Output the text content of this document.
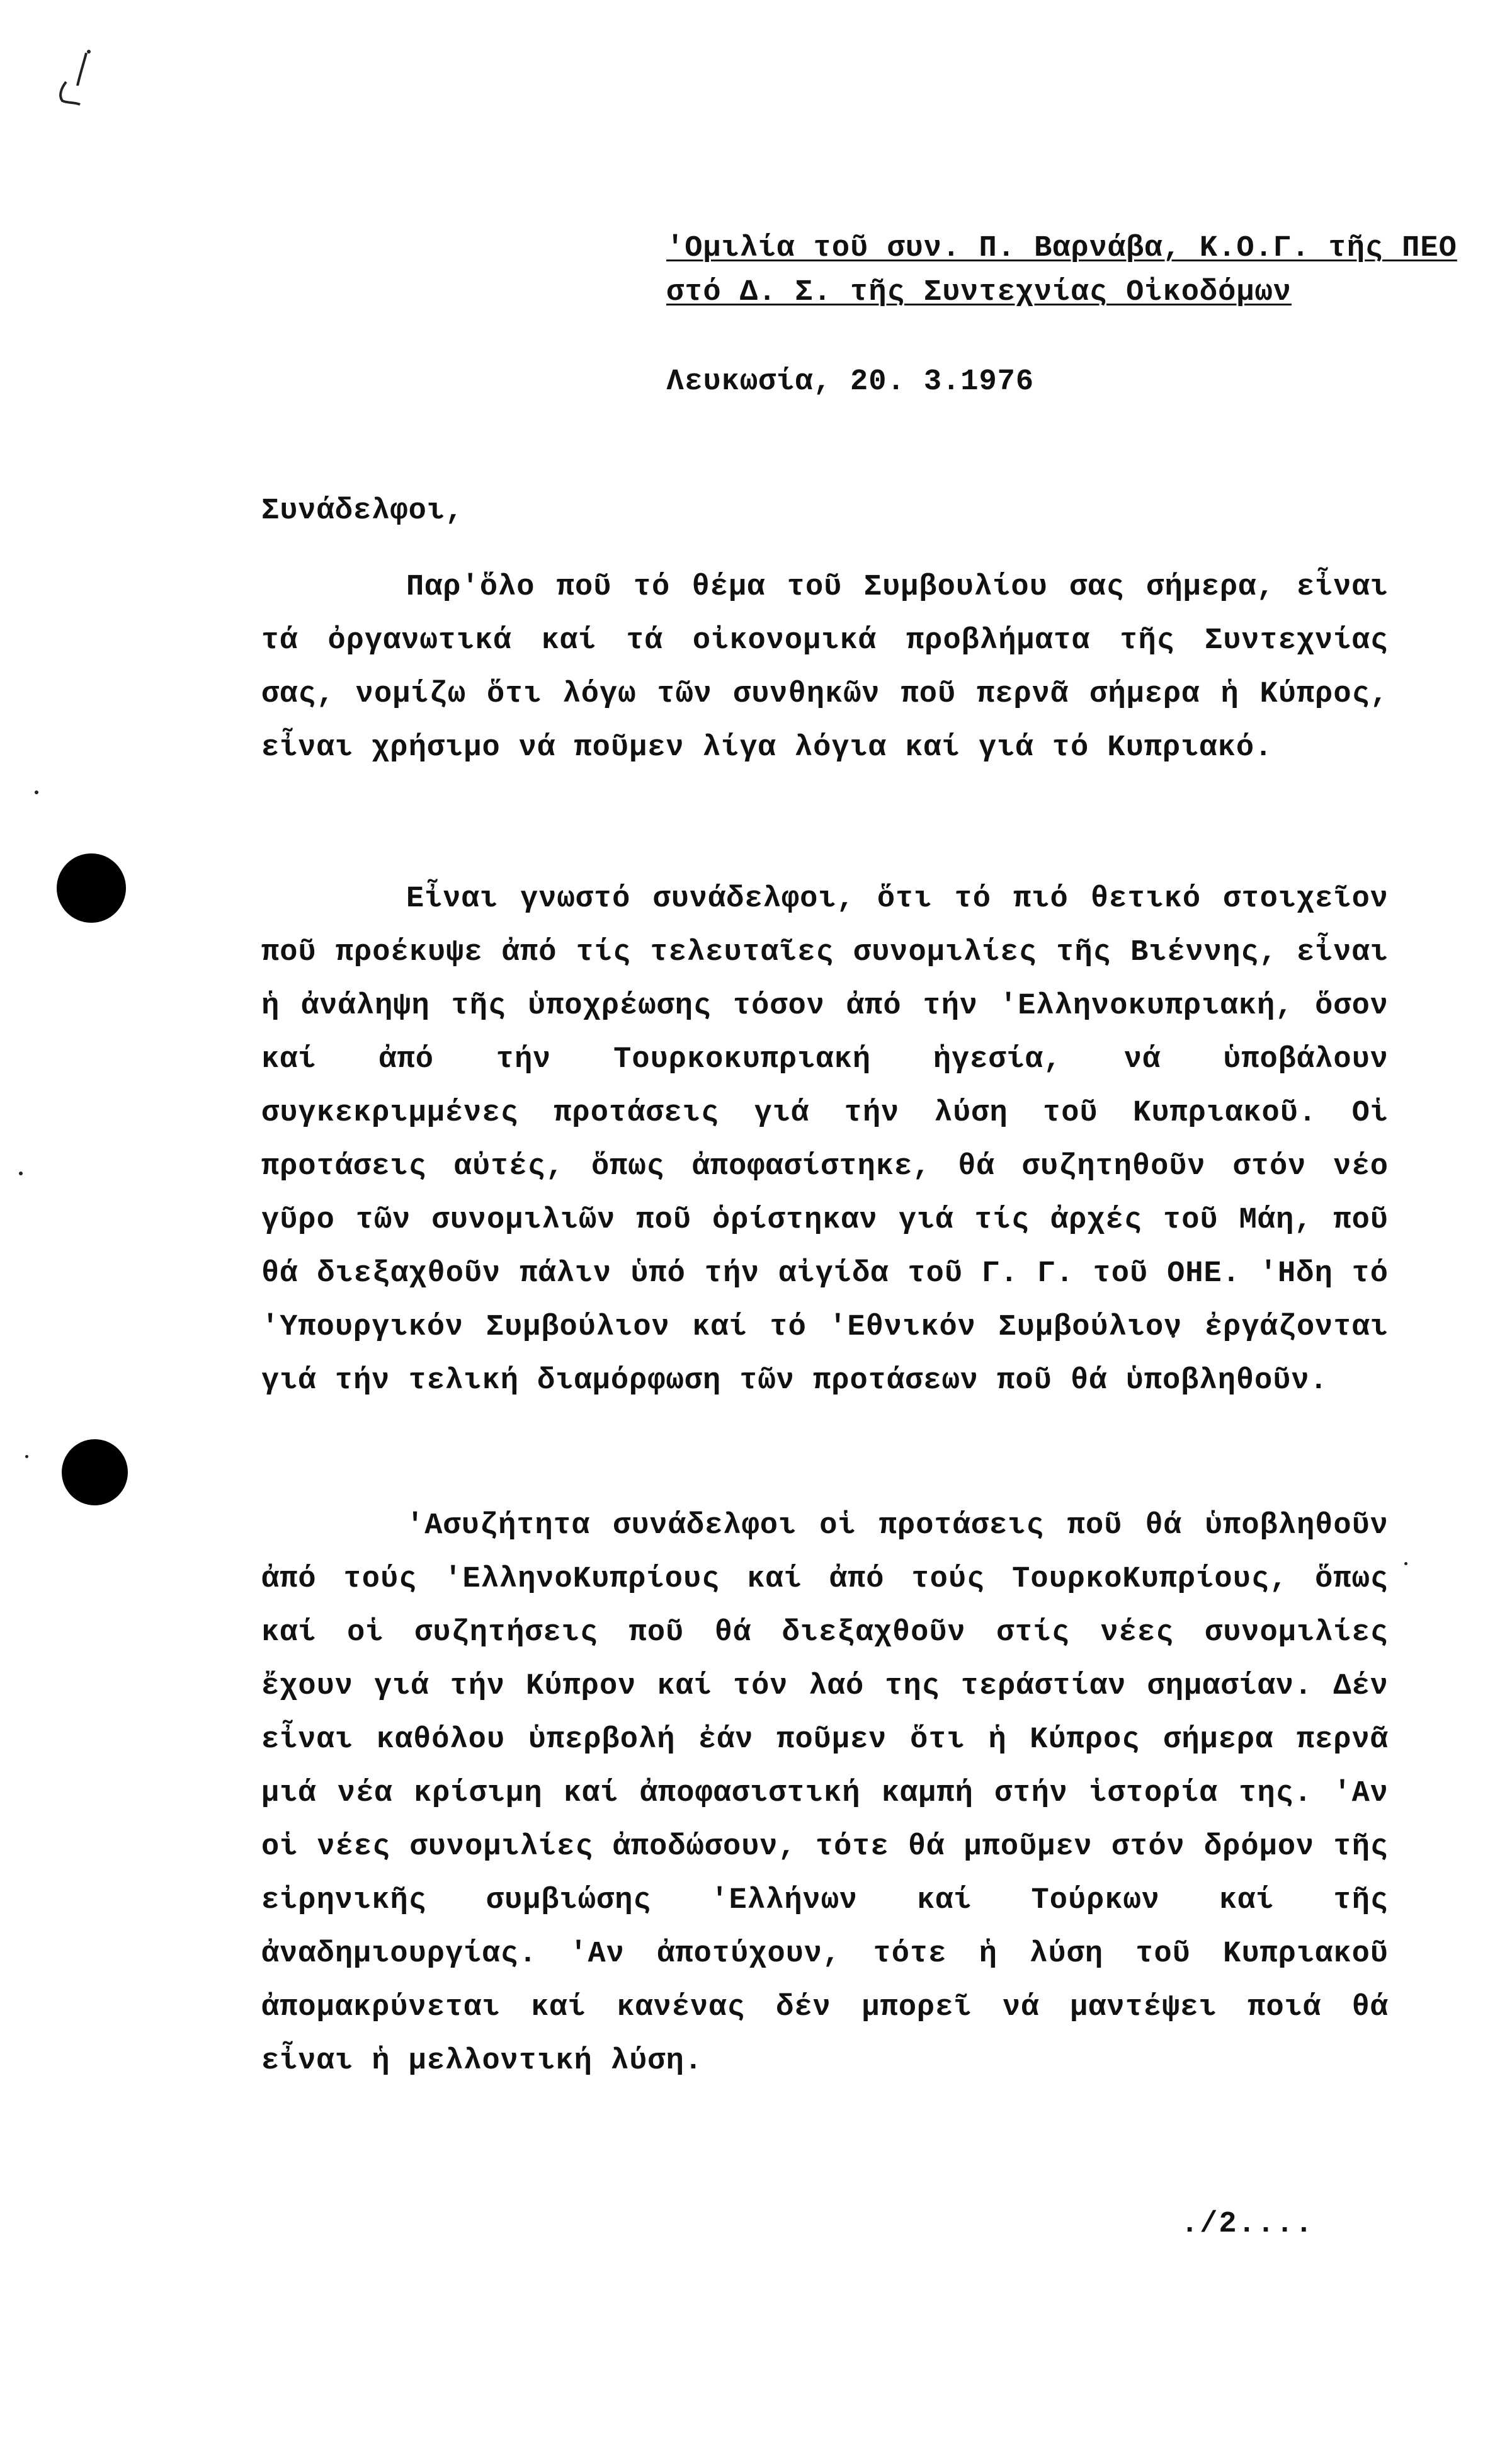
'Ομιλία τοῦ συν. Π. Βαρνάβα, Κ.Ο.Γ. τῆς ΠΕΟ
στό Δ. Σ. τῆς Συντεχνίας Οἰκοδόμων
Λευκωσία, 20. 3.1976
Συνάδελφοι,

Παρ'ὅλο ποῦ τό θέμα τοῦ Συμβουλίου σας σήμερα, εἶναι τά ὀργανωτικά καί τά οἰκονομικά προβλήματα τῆς Συντεχνίας σας, νομίζω ὅτι λόγω τῶν συνθηκῶν ποῦ περνᾶ σήμερα ἡ Κύπρος, εἶναι χρήσιμο νά ποῦμεν λίγα λόγια καί γιά τό Κυπριακό.

Εἶναι γνωστό συνάδελφοι, ὅτι τό πιό θετικό στοιχεῖον ποῦ προέκυψε ἀπό τίς τελευταῖες συνομιλίες τῆς Βιέννης, εἶναι ἡ ἀνάληψη τῆς ὑποχρέωσης τόσον ἀπό τήν 'Ελληνοκυπριακή, ὅσον καί ἀπό τήν Τουρκοκυπριακή ἡγεσία, νά ὑποβάλουν συγκεκριμμένες προτάσεις γιά τήν λύση τοῦ Κυπριακοῦ. Οἱ προτάσεις αὐτές, ὅπως ἀποφασίστηκε, θά συζητηθοῦν στόν νέο γῦρο τῶν συνομιλιῶν ποῦ ὁρίστηκαν γιά τίς ἀρχές τοῦ Μάη, ποῦ θά διεξαχθοῦν πάλιν ὑπό τήν αἰγίδα τοῦ Γ. Γ. τοῦ ΟΗΕ. 'Ηδη τό 'Υπουργικόν Συμβούλιον καί τό 'Εθνικόν Συμβούλιον ἐργάζονται γιά τήν τελική διαμόρφωση τῶν προτάσεων ποῦ θά ὑποβληθοῦν.

'Ασυζήτητα συνάδελφοι οἱ προτάσεις ποῦ θά ὑποβληθοῦν ἀπό τούς 'ΕλληνοΚυπρίους καί ἀπό τούς ΤουρκοΚυπρίους, ὅπως καί οἱ συζητήσεις ποῦ θά διεξαχθοῦν στίς νέες συνομιλίες ἔχουν γιά τήν Κύπρον καί τόν λαό της τεράστίαν σημασίαν. Δέν εἶναι καθόλου ὑπερβολή ἐάν ποῦμεν ὅτι ἡ Κύπρος σήμερα περνᾶ μιά νέα κρίσιμη καί ἀποφασιστική καμπή στήν ἱστορία της. 'Αν οἱ νέες συνομιλίες ἀποδώσουν, τότε θά μποῦμεν στόν δρόμον τῆς εἰρηνικῆς συμβιώσης 'Ελλήνων καί Τούρκων καί τῆς ἀναδημιουργίας. 'Αν ἀποτύχουν, τότε ἡ λύση τοῦ Κυπριακοῦ ἀπομακρύνεται καί κανένας δέν μπορεῖ νά μαντέψει ποιά θά εἶναι ἡ μελλοντική λύση.

./2....
